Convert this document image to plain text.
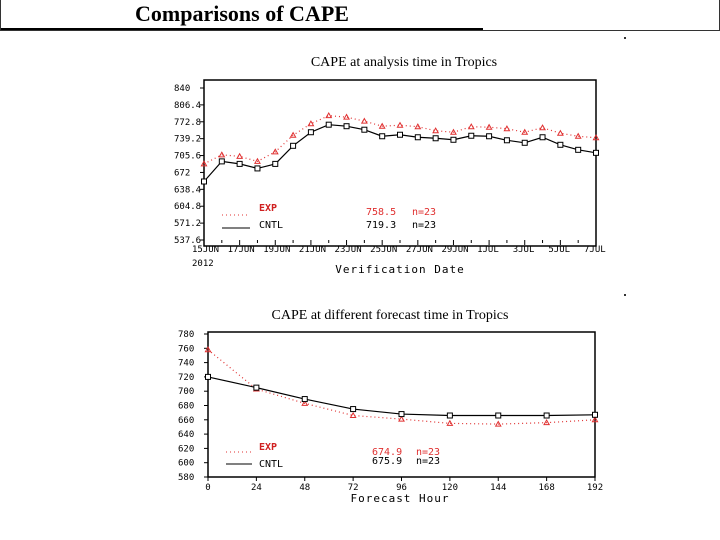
Comparisons of CAPE
CAPE at analysis time in Tropics
840
806.4
772.8
739.2
705.6
672
638.4
604.8
571.2
537.6
15JUN 17JUN 19JUN 21JUN 23JUN 25JUN 27JUN 29JUN 1JUL 3JUL 5JUL 7JUL
2012	Verification Date
EXP
CNTL
758.5 n=23
719.3 n=23
CAPE at different forecast time in Tropics
780
760
740
720
700
680
660
640
620
600
580
0	24	48	72	96	120	144	168	192
Forecast Hour
EXP
CNTL
674.9 n=23
675.9 n=23
